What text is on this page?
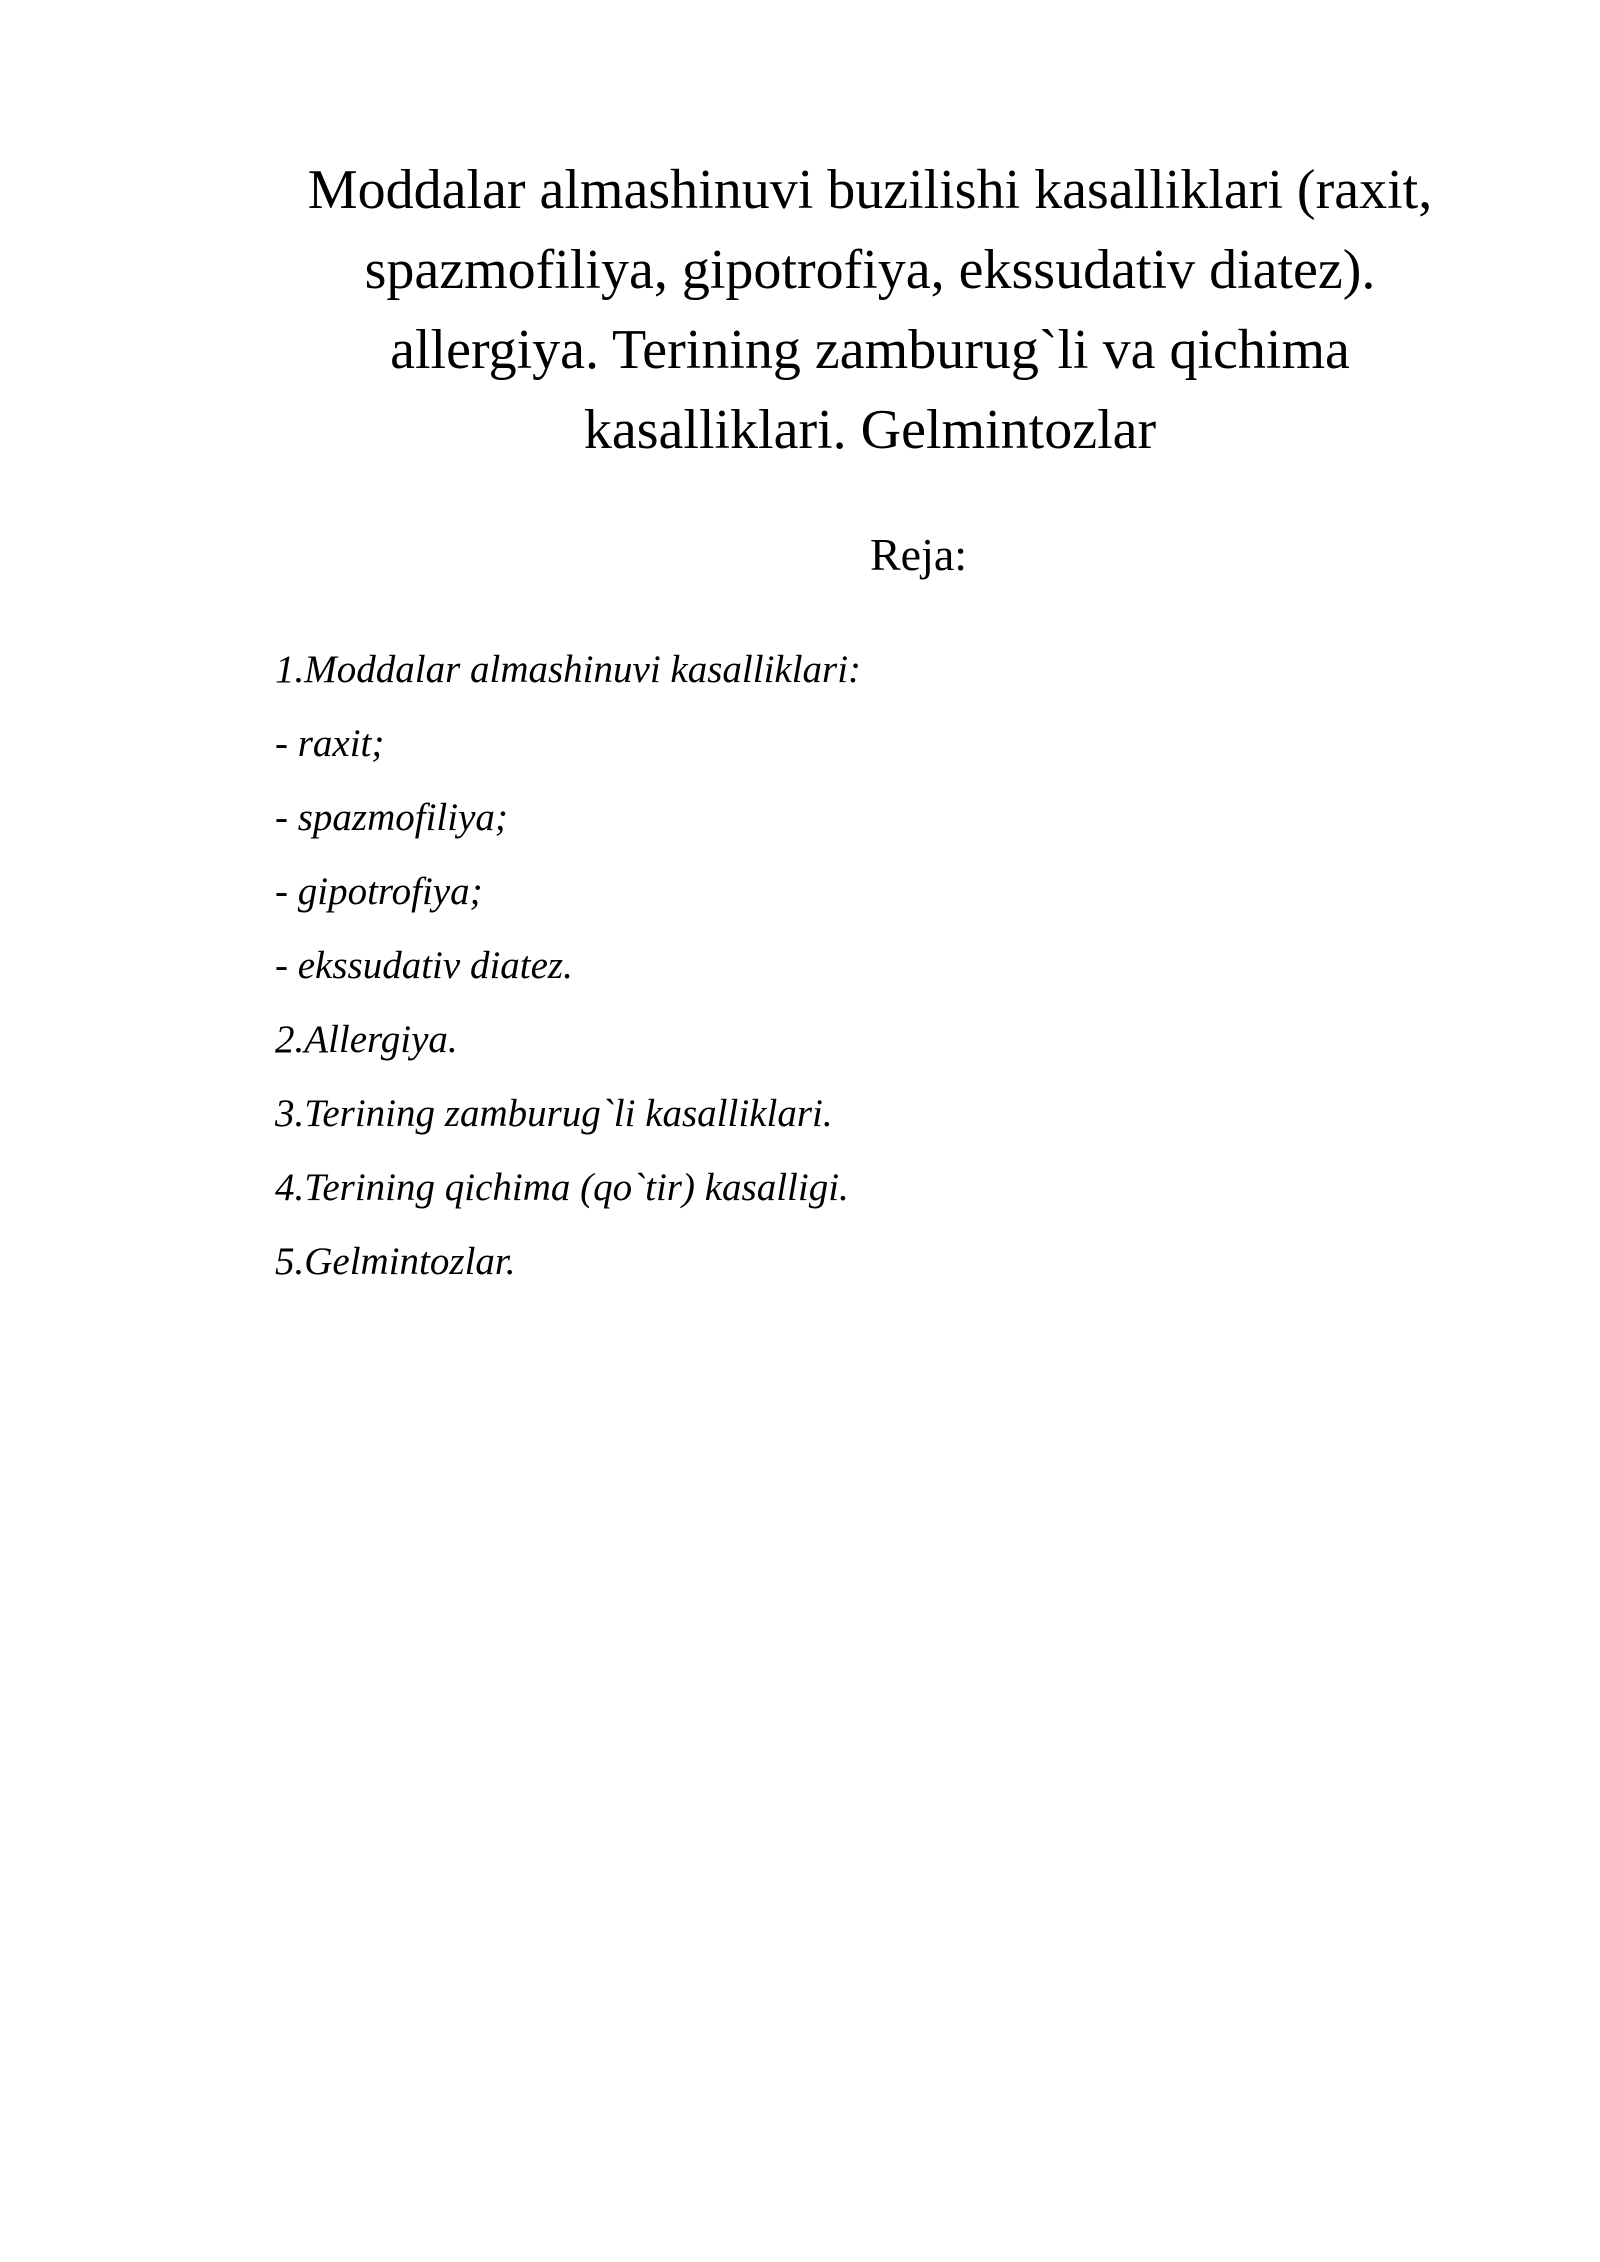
Moddalar almashinuvi buzilishi kasalliklari (raxit,
spazmofiliya, gipotrofiya, ekssudativ diatez).
allergiya. Terining zamburug`li va qichima
kasalliklari. Gelmintozlar
Reja:
1.Moddalar almashinuvi kasalliklari:
- raxit;
- spazmofiliya;
- gipotrofiya;
- ekssudativ diatez.
2.Allergiya.
3.Terining zamburug`li kasalliklari.
4.Terining qichima (qo`tir) kasalligi.
5.Gelmintozlar.
